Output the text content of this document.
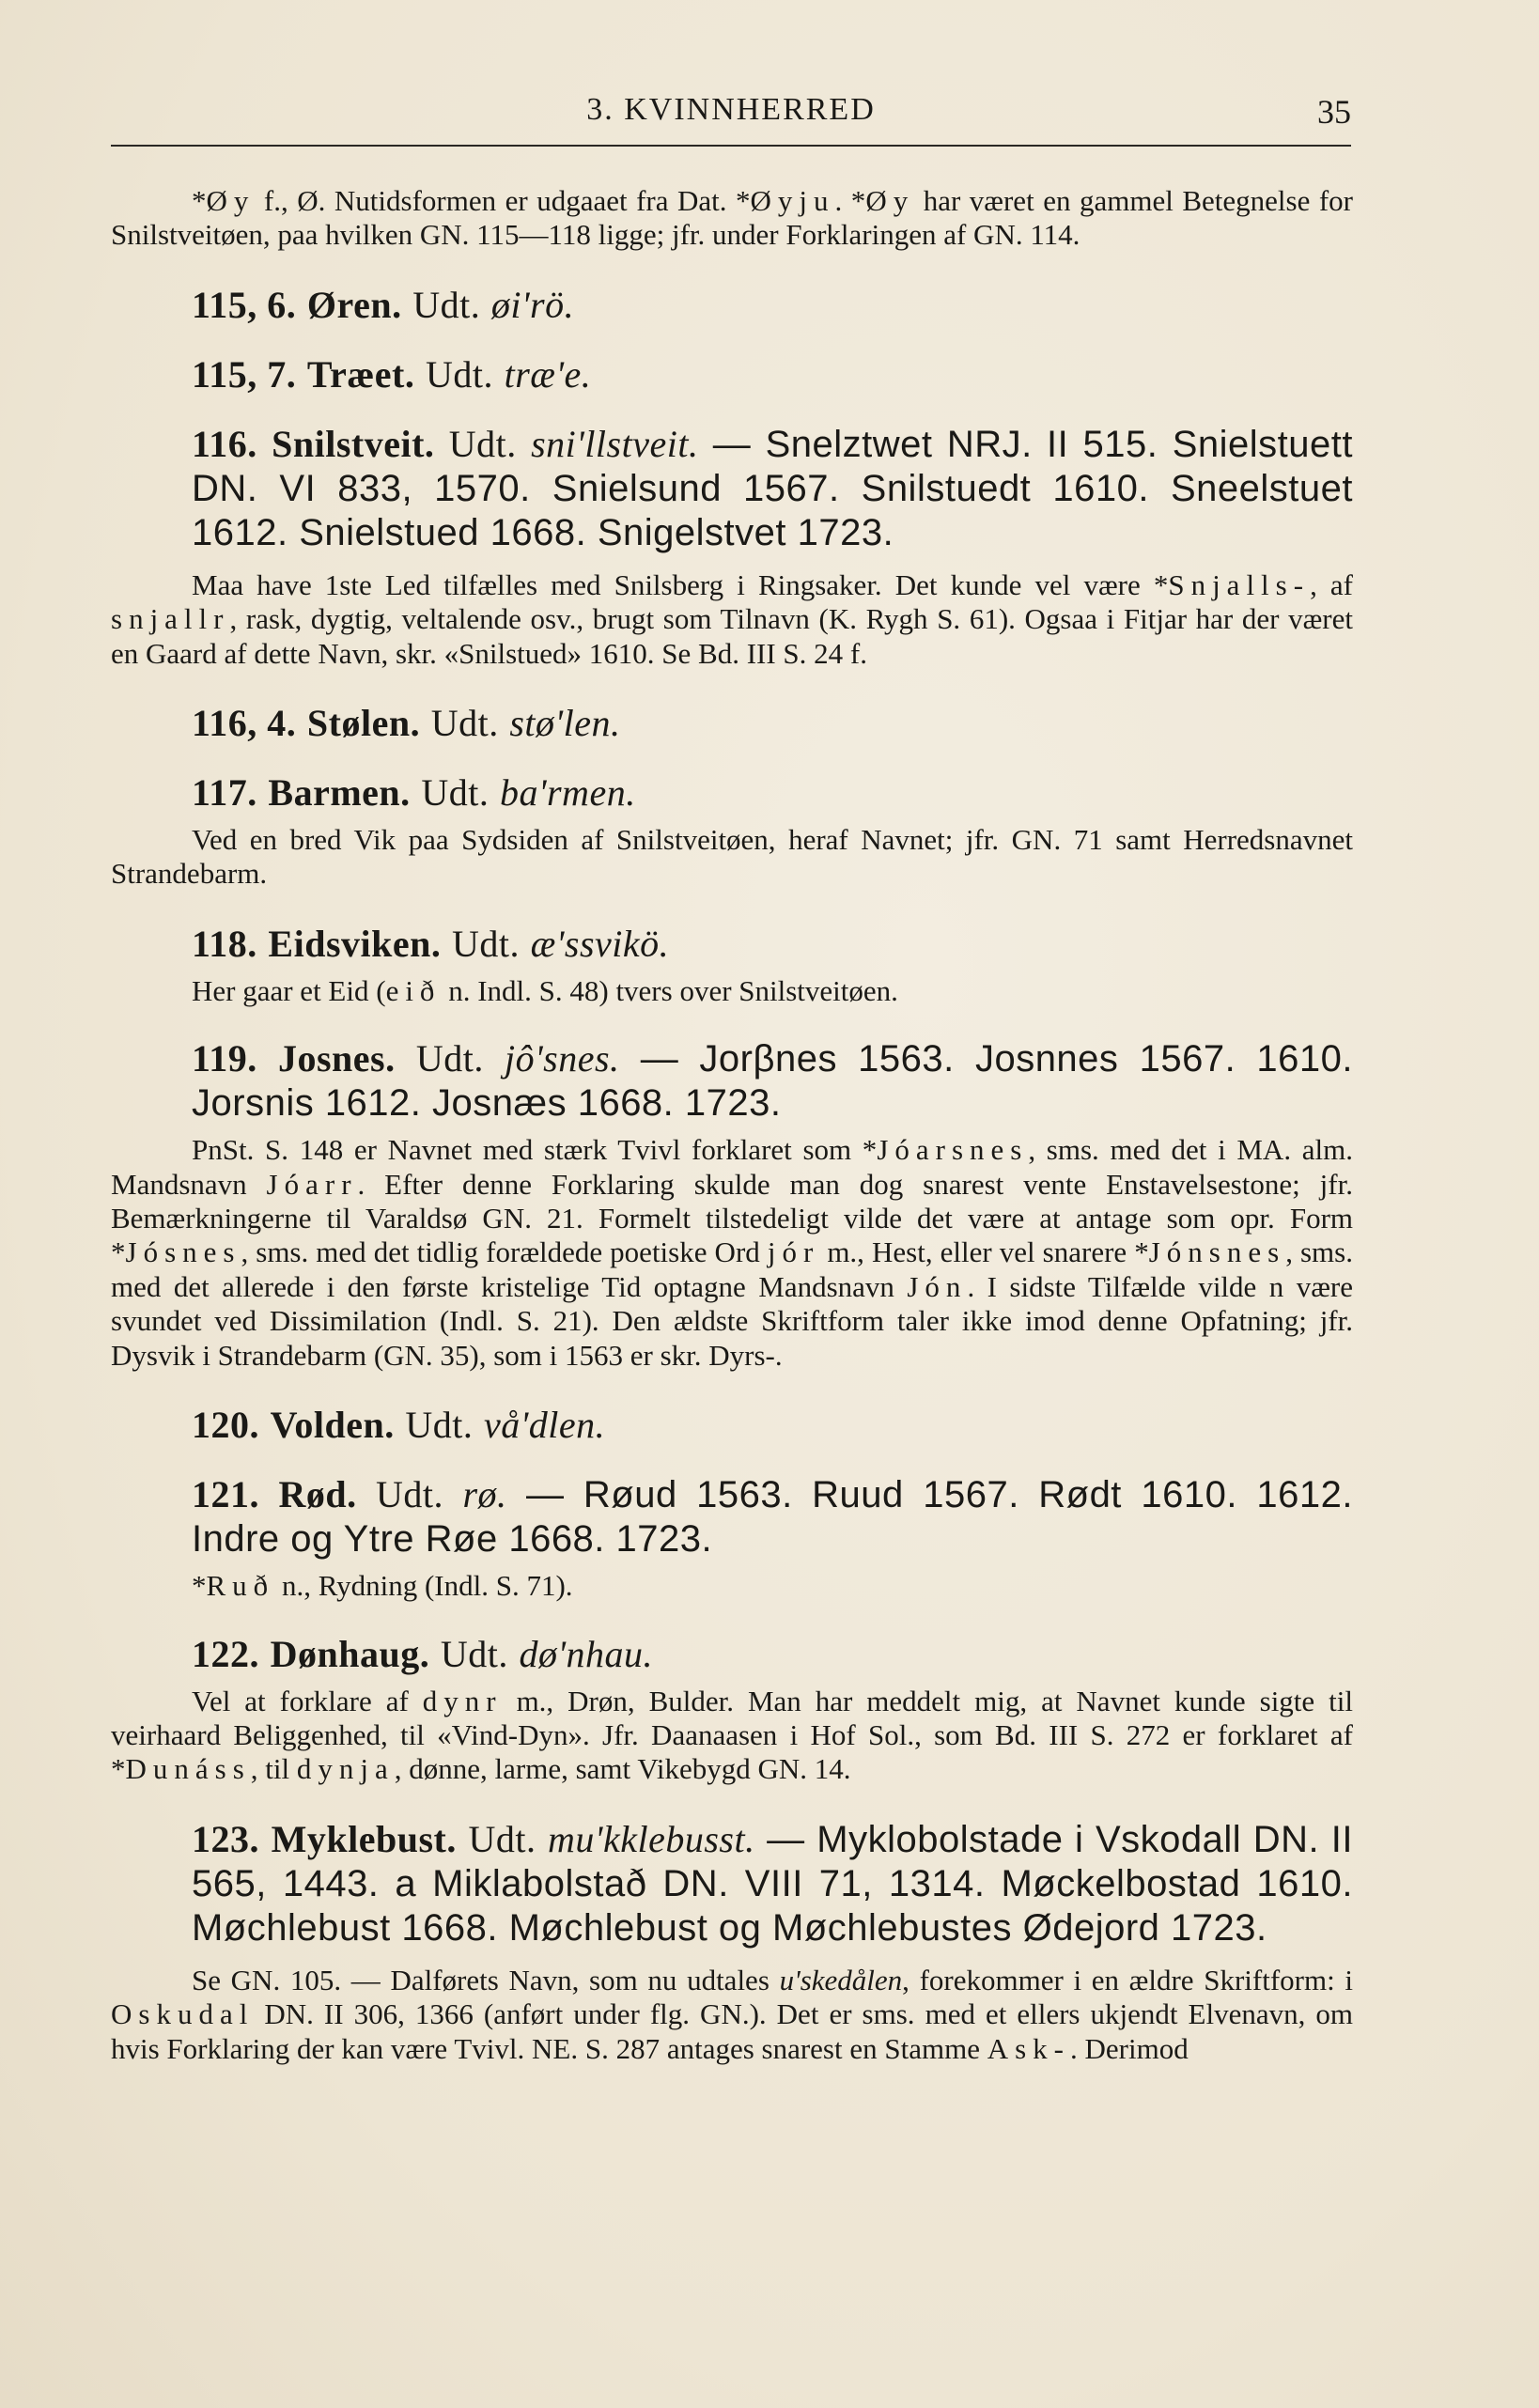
3. KVINNHERRED	35

*Øy f., Ø. Nutidsformen er udgaaet fra Dat. *Øyju. *Øy har været en gammel Betegnelse for Snilstveitøen, paa hvilken GN. 115—118 ligge; jfr. under Forklaringen af GN. 114.

115, 6. Øren. Udt. øi'rö.

115, 7. Træet. Udt. træ'e.

116. Snilstveit. Udt. sni'llstveit. — Snelztwet NRJ. II 515. Snielstuett DN. VI 833, 1570. Snielsund 1567. Snilstuedt 1610. Sneelstuet 1612. Snielstued 1668. Snigelstvet 1723.

Maa have 1ste Led tilfælles med Snilsberg i Ringsaker. Det kunde vel være *Snjalls-, af snjallr, rask, dygtig, veltalende osv., brugt som Tilnavn (K. Rygh S. 61). Ogsaa i Fitjar har der været en Gaard af dette Navn, skr. «Snilstued» 1610. Se Bd. III S. 24 f.

116, 4. Stølen. Udt. stø'len.

117. Barmen. Udt. ba'rmen.

Ved en bred Vik paa Sydsiden af Snilstveitøen, heraf Navnet; jfr. GN. 71 samt Herredsnavnet Strandebarm.

118. Eidsviken. Udt. æ'ssvikö.

Her gaar et Eid (eið n. Indl. S. 48) tvers over Snilstveitøen.

119. Josnes. Udt. jô'snes. — Jorβnes 1563. Josnnes 1567. 1610. Jorsnis 1612. Josnæs 1668. 1723.

PnSt. S. 148 er Navnet med stærk Tvivl forklaret som *Jóarsnes, sms. med det i MA. alm. Mandsnavn Jóarr. Efter denne Forklaring skulde man dog snarest vente Enstavelsestone; jfr. Bemærkningerne til Varaldsø GN. 21. Formelt tilstedeligt vilde det være at antage som opr. Form *Jósnes, sms. med det tidlig forældede poetiske Ord jór m., Hest, eller vel snarere *Jónsnes, sms. med det allerede i den første kristelige Tid optagne Mandsnavn Jón. I sidste Tilfælde vilde n være svundet ved Dissimilation (Indl. S. 21). Den ældste Skriftform taler ikke imod denne Opfatning; jfr. Dysvik i Strandebarm (GN. 35), som i 1563 er skr. Dyrs-.

120. Volden. Udt. vå'dlen.

121. Rød. Udt. rø. — Røud 1563. Ruud 1567. Rødt 1610. 1612. Indre og Ytre Røe 1668. 1723.

*Ruð n., Rydning (Indl. S. 71).

122. Dønhaug. Udt. dø'nhau.

Vel at forklare af dynr m., Drøn, Bulder. Man har meddelt mig, at Navnet kunde sigte til veirhaard Beliggenhed, til «Vind-Dyn». Jfr. Daanaasen i Hof Sol., som Bd. III S. 272 er forklaret af *Dunáss, til dynja, dønne, larme, samt Vikebygd GN. 14.

123. Myklebust. Udt. mu'kklebusst. — Myklobolstade i Vskodall DN. II 565, 1443. a Miklabolstað DN. VIII 71, 1314. Møckelbostad 1610. Møchlebust 1668. Møchlebust og Møchlebustes Ødejord 1723.

Se GN. 105. — Dalførets Navn, som nu udtales u'skedålen, forekommer i en ældre Skriftform: i Oskudal DN. II 306, 1366 (anført under flg. GN.). Det er sms. med et ellers ukjendt Elvenavn, om hvis Forklaring der kan være Tvivl. NE. S. 287 antages snarest en Stamme Ask-. Derimod
